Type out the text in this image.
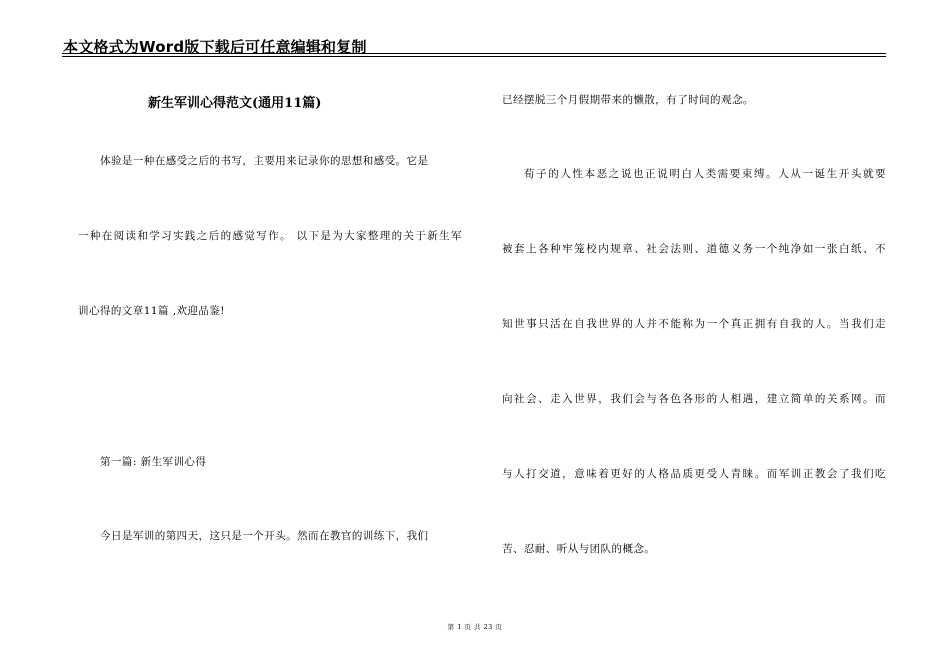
本文格式为Word版下载后可任意编辑和复制
新生军训心得范文(通用11篇)
体验是一种在感受之后的书写，主要用来记录你的思想和感受。它是
一种在阅读和学习实践之后的感觉写作。 以下是为大家整理的关于新生军
训心得的文章11篇 ,欢迎品鉴!
第一篇: 新生军训心得
今日是军训的第四天，这只是一个开头。然而在教官的训练下，我们
已经摆脱三个月假期带来的懒散，有了时间的观念。
荀子的人性本恶之说也正说明白人类需要束缚。人从一诞生开头就要
被套上各种牢笼校内规章、社会法则、道德义务一个纯净如一张白纸、不
知世事只活在自我世界的人并不能称为一个真正拥有自我的人。当我们走
向社会、走入世界，我们会与各色各形的人相遇，建立简单的关系网。而
与人打交道，意味着更好的人格品质更受人青睐。而军训正教会了我们吃
苦、忍耐、听从与团队的概念。
第 1 页 共 23 页
